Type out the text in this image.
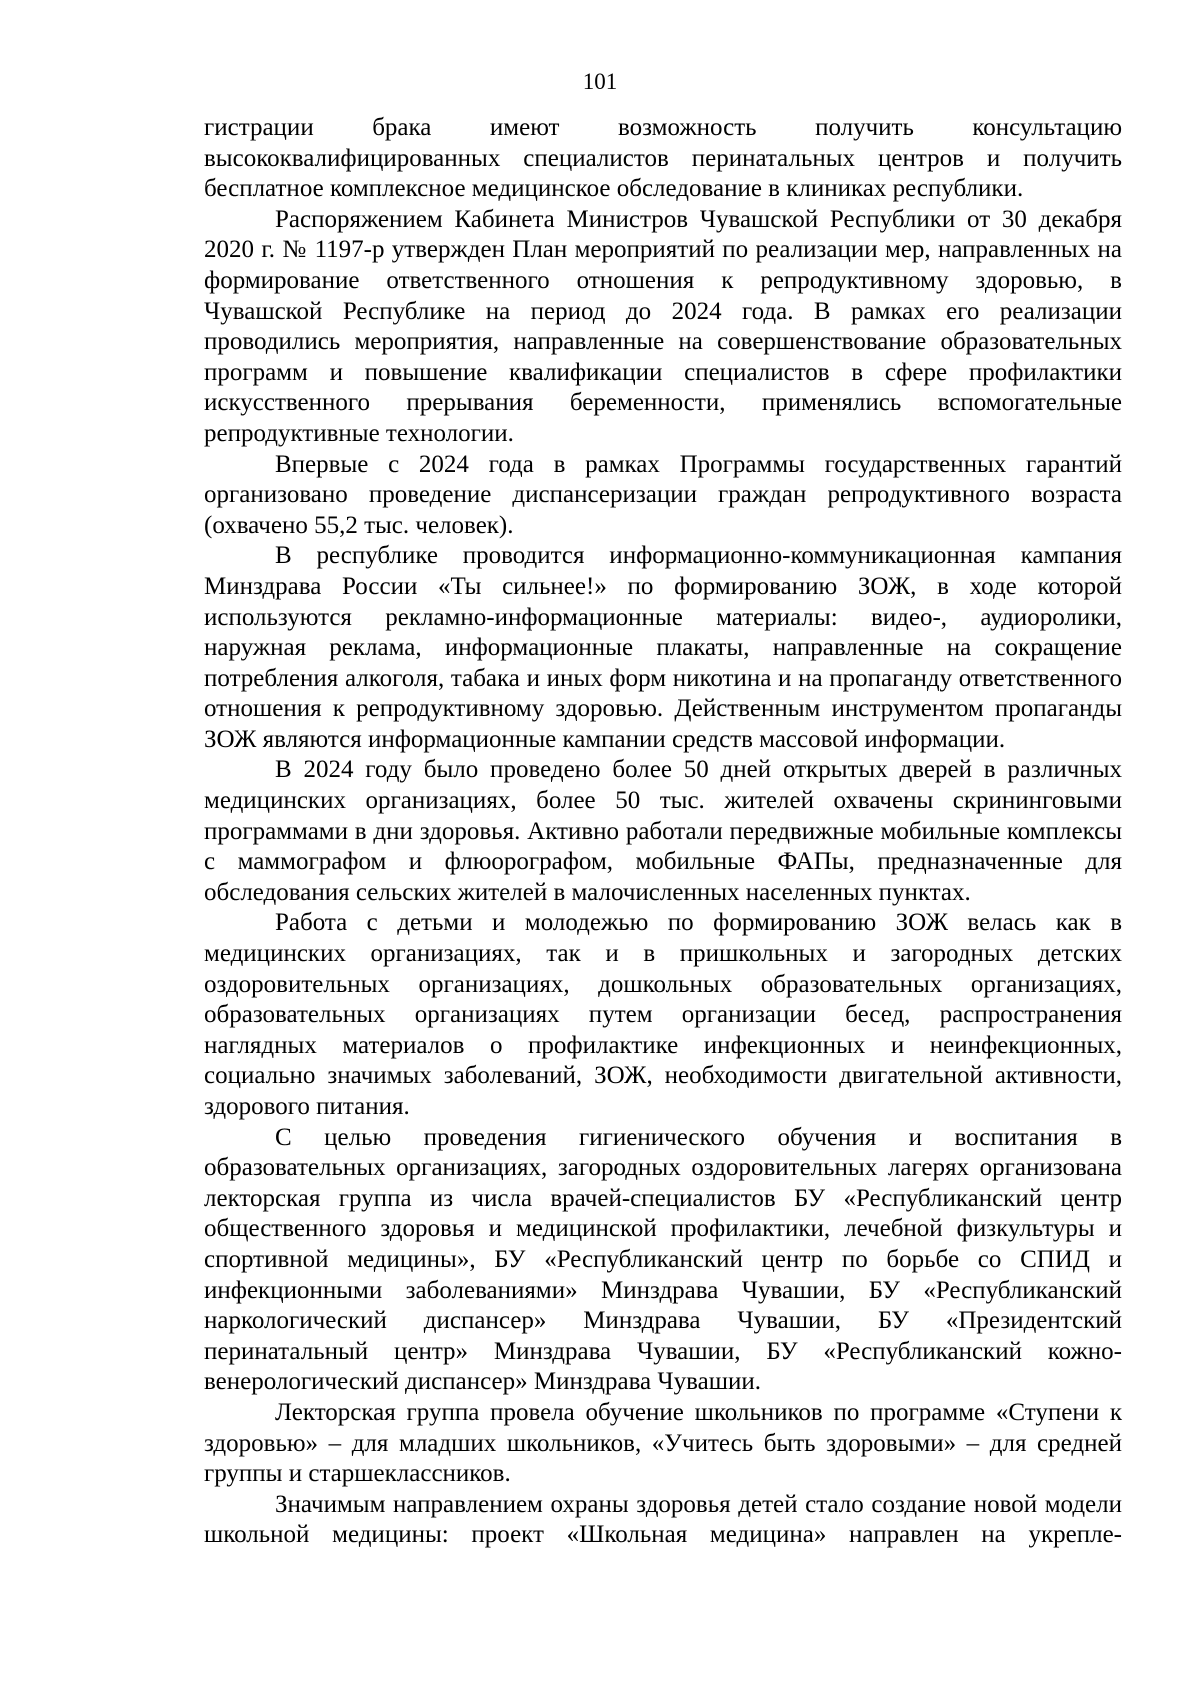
101

гистрации брака имеют возможность получить консультацию высококвалифицированных специалистов перинатальных центров и получить бесплатное комплексное медицинское обследование в клиниках республики.

Распоряжением Кабинета Министров Чувашской Республики от 30 декабря 2020 г. № 1197-р утвержден План мероприятий по реализации мер, направленных на формирование ответственного отношения к репродуктивному здоровью, в Чувашской Республике на период до 2024 года. В рамках его реализации проводились мероприятия, направленные на совершенствование образовательных программ и повышение квалификации специалистов в сфере профилактики искусственного прерывания беременности, применялись вспомогательные репродуктивные технологии.

Впервые с 2024 года в рамках Программы государственных гарантий организовано проведение диспансеризации граждан репродуктивного возраста (охвачено 55,2 тыс. человек).

В республике проводится информационно-коммуникационная кампания Минздрава России «Ты сильнее!» по формированию ЗОЖ, в ходе которой используются рекламно-информационные материалы: видео-, аудиоролики, наружная реклама, информационные плакаты, направленные на сокращение потребления алкоголя, табака и иных форм никотина и на пропаганду ответственного отношения к репродуктивному здоровью. Действенным инструментом пропаганды ЗОЖ являются информационные кампании средств массовой информации.

В 2024 году было проведено более 50 дней открытых дверей в различных медицинских организациях, более 50 тыс. жителей охвачены скрининговыми программами в дни здоровья. Активно работали передвижные мобильные комплексы с маммографом и флюорографом, мобильные ФАПы, предназначенные для обследования сельских жителей в малочисленных населенных пунктах.

Работа с детьми и молодежью по формированию ЗОЖ велась как в медицинских организациях, так и в пришкольных и загородных детских оздоровительных организациях, дошкольных образовательных организациях, образовательных организациях путем организации бесед, распространения наглядных материалов о профилактике инфекционных и неинфекционных, социально значимых заболеваний, ЗОЖ, необходимости двигательной активности, здорового питания.

С целью проведения гигиенического обучения и воспитания в образовательных организациях, загородных оздоровительных лагерях организована лекторская группа из числа врачей-специалистов БУ «Республиканский центр общественного здоровья и медицинской профилактики, лечебной физкультуры и спортивной медицины», БУ «Республиканский центр по борьбе со СПИД и инфекционными заболеваниями» Минздрава Чувашии, БУ «Республиканский наркологический диспансер» Минздрава Чувашии, БУ «Президентский перинатальный центр» Минздрава Чувашии, БУ «Республиканский кожно-венерологический диспансер» Минздрава Чувашии.

Лекторская группа провела обучение школьников по программе «Ступени к здоровью» – для младших школьников, «Учитесь быть здоровыми» – для средней группы и старшеклассников.

Значимым направлением охраны здоровья детей стало создание новой модели школьной медицины: проект «Школьная медицина» направлен на укрепле-
